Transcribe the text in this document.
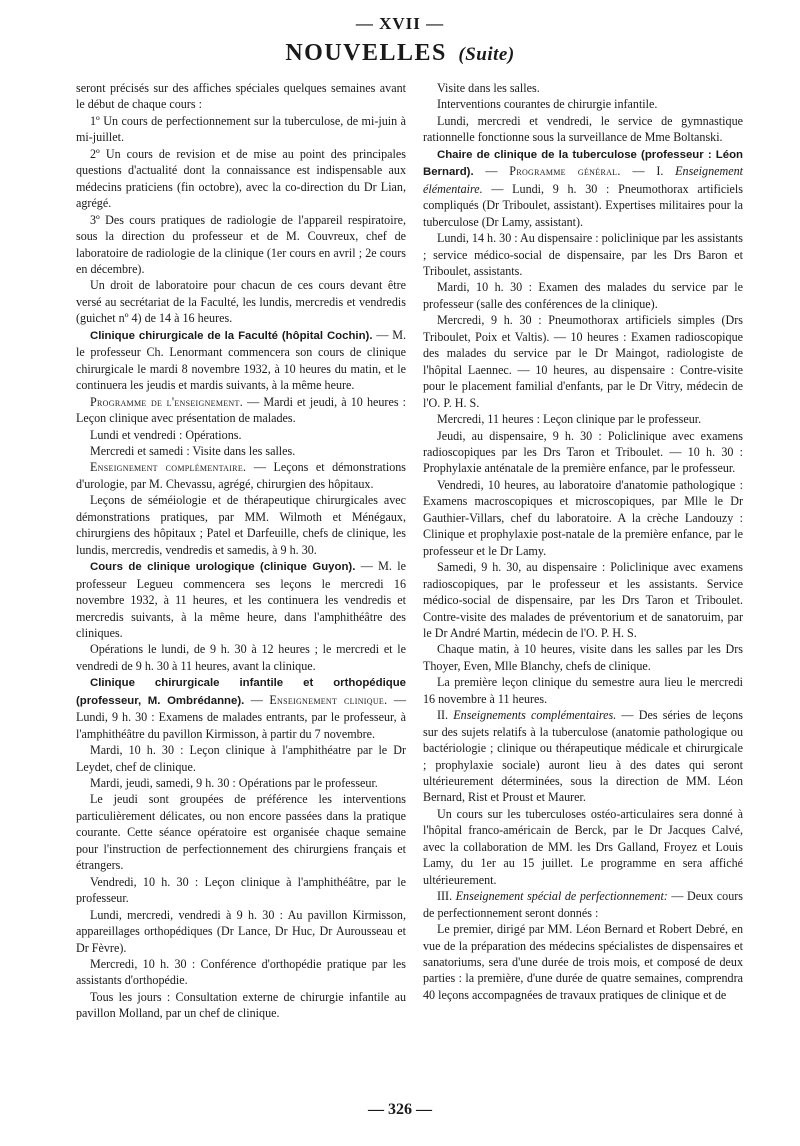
— XVII —
NOUVELLES (Suite)

seront précisés sur des affiches spéciales quelques semaines avant le début de chaque cours :

1º Un cours de perfectionnement sur la tuberculose, de mi-juin à mi-juillet.

2º Un cours de revision et de mise au point des principales questions d'actualité dont la connaissance est indispensable aux médecins praticiens (fin octobre), avec la co-direction du Dr Lian, agrégé.

3º Des cours pratiques de radiologie de l'appareil respiratoire, sous la direction du professeur et de M. Couvreux, chef de laboratoire de radiologie de la clinique (1er cours en avril ; 2e cours en décembre).

Un droit de laboratoire pour chacun de ces cours devant être versé au secrétariat de la Faculté, les lundis, mercredis et vendredis (guichet nº 4) de 14 à 16 heures.

Clinique chirurgicale de la Faculté (hôpital Cochin). — M. le professeur Ch. Lenormant commencera son cours de clinique chirurgicale le mardi 8 novembre 1932, à 10 heures du matin, et le continuera les jeudis et mardis suivants, à la même heure.

Programme de l'enseignement. — Mardi et jeudi, à 10 heures : Leçon clinique avec présentation de malades.

Lundi et vendredi : Opérations.

Mercredi et samedi : Visite dans les salles.

Enseignement complémentaire. — Leçons et démonstrations d'urologie, par M. Chevassu, agrégé, chirurgien des hôpitaux.

Leçons de séméiologie et de thérapeutique chirurgicales avec démonstrations pratiques, par MM. Wilmoth et Ménégaux, chirurgiens des hôpitaux ; Patel et Darfeuille, chefs de clinique, les lundis, mercredis, vendredis et samedis, à 9 h. 30.

Cours de clinique urologique (clinique Guyon). — M. le professeur Legueu commencera ses leçons le mercredi 16 novembre 1932, à 11 heures, et les continuera les vendredis et mercredis suivants, à la même heure, dans l'amphithéâtre des cliniques.

Opérations le lundi, de 9 h. 30 à 12 heures ; le mercredi et le vendredi de 9 h. 30 à 11 heures, avant la clinique.

Clinique chirurgicale infantile et orthopédique (professeur, M. Ombrédanne). — Enseignement clinique. — Lundi, 9 h. 30 : Examens de malades entrants, par le professeur, à l'amphithéâtre du pavillon Kirmisson, à partir du 7 novembre.

Mardi, 10 h. 30 : Leçon clinique à l'amphithéatre par le Dr Leydet, chef de clinique.

Mardi, jeudi, samedi, 9 h. 30 : Opérations par le professeur.

Le jeudi sont groupées de préférence les interventions particulièrement délicates, ou non encore passées dans la pratique courante. Cette séance opératoire est organisée chaque semaine pour l'instruction de perfectionnement des chirurgiens français et étrangers.

Vendredi, 10 h. 30 : Leçon clinique à l'amphithéâtre, par le professeur.

Lundi, mercredi, vendredi à 9 h. 30 : Au pavillon Kirmisson, appareillages orthopédiques (Dr Lance, Dr Huc, Dr Aurousseau et Dr Fèvre).

Mercredi, 10 h. 30 : Conférence d'orthopédie pratique par les assistants d'orthopédie.

Tous les jours : Consultation externe de chirurgie infantile au pavillon Molland, par un chef de clinique.

Visite dans les salles.

Interventions courantes de chirurgie infantile.

Lundi, mercredi et vendredi, le service de gymnastique rationnelle fonctionne sous la surveillance de Mme Boltanski.

Chaire de clinique de la tuberculose (professeur : Léon Bernard). — Programme général. — I. Enseignement élémentaire. — Lundi, 9 h. 30 : Pneumothorax artificiels compliqués (Dr Triboulet, assistant). Expertises militaires pour la tuberculose (Dr Lamy, assistant).

Lundi, 14 h. 30 : Au dispensaire : policlinique par les assistants ; service médico-social de dispensaire, par les Drs Baron et Triboulet, assistants.

Mardi, 10 h. 30 : Examen des malades du service par le professeur (salle des conférences de la clinique).

Mercredi, 9 h. 30 : Pneumothorax artificiels simples (Drs Triboulet, Poix et Valtis). — 10 heures : Examen radioscopique des malades du service par le Dr Maingot, radiologiste de l'hôpital Laennec. — 10 heures, au dispensaire : Contre-visite pour le placement familial d'enfants, par le Dr Vitry, médecin de l'O. P. H. S.

Mercredi, 11 heures : Leçon clinique par le professeur.

Jeudi, au dispensaire, 9 h. 30 : Policlinique avec examens radioscopiques par les Drs Taron et Triboulet. — 10 h. 30 : Prophylaxie anténatale de la première enfance, par le professeur.

Vendredi, 10 heures, au laboratoire d'anatomie pathologique : Examens macroscopiques et microscopiques, par Mlle le Dr Gauthier-Villars, chef du laboratoire. A la crèche Landouzy : Clinique et prophylaxie post-natale de la première enfance, par le professeur et le Dr Lamy.

Samedi, 9 h. 30, au dispensaire : Policlinique avec examens radioscopiques, par le professeur et les assistants. Service médico-social de dispensaire, par les Drs Taron et Triboulet. Contre-visite des malades de préventorium et de sanatoruim, par le Dr André Martin, médecin de l'O. P. H. S.

Chaque matin, à 10 heures, visite dans les salles par les Drs Thoyer, Even, Mlle Blanchy, chefs de clinique.

La première leçon clinique du semestre aura lieu le mercredi 16 novembre à 11 heures.

II. Enseignements complémentaires. — Des séries de leçons sur des sujets relatifs à la tuberculose (anatomie pathologique ou bactériologie ; clinique ou thérapeutique médicale et chirurgicale ; prophylaxie sociale) auront lieu à des dates qui seront ultérieurement déterminées, sous la direction de MM. Léon Bernard, Rist et Proust et Maurer.

Un cours sur les tuberculoses ostéo-articulaires sera donné à l'hôpital franco-américain de Berck, par le Dr Jacques Calvé, avec la collaboration de MM. les Drs Galland, Froyez et Louis Lamy, du 1er au 15 juillet. Le programme en sera affiché ultérieurement.

III. Enseignement spécial de perfectionnement: — Deux cours de perfectionnement seront donnés :

Le premier, dirigé par MM. Léon Bernard et Robert Debré, en vue de la préparation des médecins spécialistes de dispensaires et sanatoriums, sera d'une durée de trois mois, et composé de deux parties : la première, d'une durée de quatre semaines, comprendra 40 leçons accompagnées de travaux pratiques de clinique et de

— 326 —
